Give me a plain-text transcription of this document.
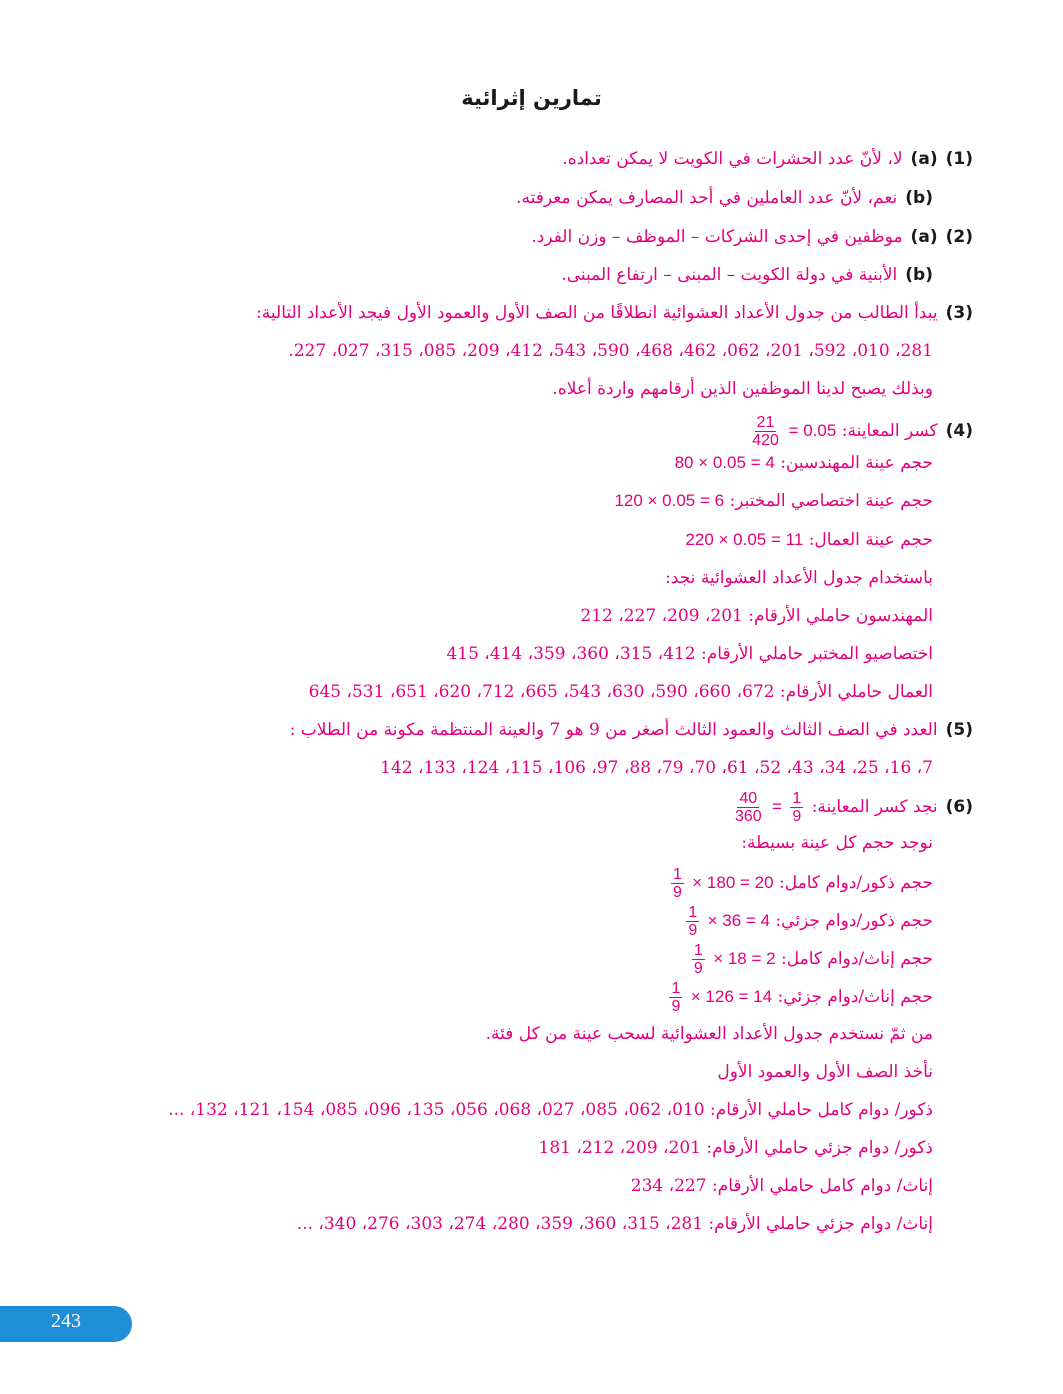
تمارين إثرائية
(1)(a)لا، لأنّ عدد الحشرات في الكويت لا يمكن تعداده.
(b)نعم، لأنّ عدد العاملين في أحد المصارف يمكن معرفته.
(2)(a)موظفين في إحدى الشركات – الموظف – وزن الفرد.
(b)الأبنية في دولة الكويت – المبنى – ارتفاع المبنى.
(3)يبدأ الطالب من جدول الأعداد العشوائية انطلاقًا من الصف الأول والعمود الأول فيجد الأعداد التالية:
281، 010، 592، 201، 062، 462، 468، 590، 543، 412، 209، 085، 315، 027، 227.
وبذلك يصبح لدينا الموظفين الذين أرقامهم واردة أعلاه.
(4)كسر المعاينة:
$\frac{21}{420} = 0.05$
حجم عينة المهندسين: 80 × 0.05 = 4
حجم عينة اختصاصي المختبر: 120 × 0.05 = 6
حجم عينة العمال: 220 × 0.05 = 11
باستخدام جدول الأعداد العشوائية نجد:
المهندسون حاملي الأرقام: 201، 209، 227، 212
اختصاصيو المختبر حاملي الأرقام: 412، 315، 360، 359، 414، 415
العمال حاملي الأرقام: 672، 660، 590، 630، 543، 665، 712، 620، 651، 531، 645
(5)العدد في الصف الثالث والعمود الثالث أصغر من 9 هو 7 والعينة المنتظمة مكونة من الطلاب :
7، 16، 25، 34، 43، 52، 61، 70، 79، 88، 97، 106، 115، 124، 133، 142
(6)نجد كسر المعاينة:
$\frac{1}{9}$
=
$\frac{40}{360}$
نوجد حجم كل عينة بسيطة:
حجم ذكور/دوام كامل: 20 = 180 ×
$\frac{1}{9}$
حجم ذكور/دوام جزئي: 4 = 36 ×
$\frac{1}{9}$
حجم إناث/دوام كامل: 2 = 18 ×
$\frac{1}{9}$
حجم إناث/دوام جزئي: 14 = 126 ×
$\frac{1}{9}$
من ثمّ نستخدم جدول الأعداد العشوائية لسحب عينة من كل فئة.
نأخذ الصف الأول والعمود الأول
ذكور/ دوام كامل حاملي الأرقام: 010، 062، 085، 027، 068، 056، 135، 096، 085، 154، 121، 132، ...
ذكور/ دوام جزئي حاملي الأرقام: 201، 209، 212، 181
إناث/ دوام كامل حاملي الأرقام: 227، 234
إناث/ دوام جزئي حاملي الأرقام: 281، 315، 360، 359، 280، 274، 303، 276، 340، ...
243
